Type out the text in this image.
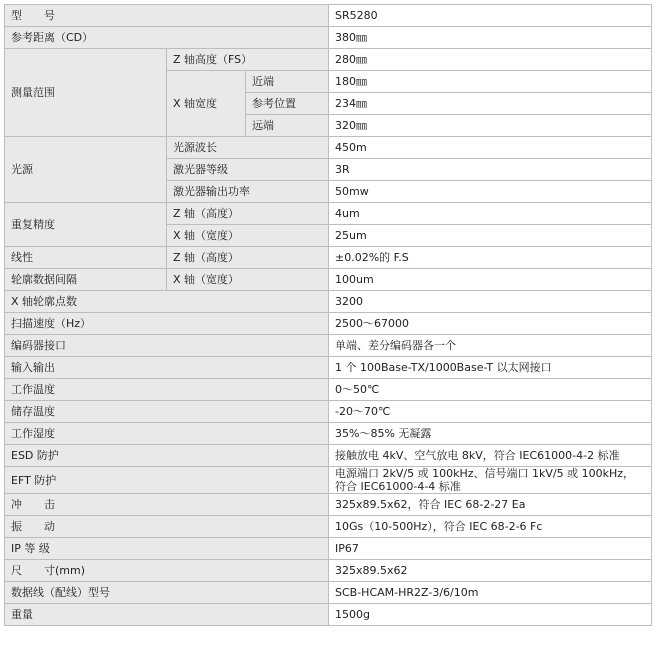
型　　号			SR5280
参考距离（CD）			380㎜
测量范围	Z 轴高度（FS）		280㎜
	X 轴宽度	近端	180㎜
		参考位置	234㎜
		远端	320㎜
光源	光源波长		450m
	激光器等级		3R
	激光器输出功率		50mw
重复精度	Z 轴（高度）		4um
	X 轴（宽度）		25um
线性	Z 轴（高度）		±0.02%的 F.S
轮廓数据间隔	X 轴（宽度）		100um
X 轴轮廓点数			3200
扫描速度（Hz）			2500～67000
编码器接口			单端、差分编码器各一个
输入输出			1 个 100Base-TX/1000Base-T 以太网接口
工作温度			0～50℃
储存温度			-20～70℃
工作湿度			35%～85% 无凝露
ESD 防护			接触放电 4kV、空气放电 8kV，符合 IEC61000-4-2 标准
EFT 防护			电源端口 2kV/5 或 100kHz、信号端口 1kV/5 或 100kHz，
符合 IEC61000-4-4 标准

冲　　击			325x89.5x62，符合 IEC 68-2-27 Ea
振　　动			10Gs（10-500Hz），符合 IEC 68-2-6 Fc
IP 等 级			IP67
尺　　寸(mm)			325x89.5x62
数据线（配线）型号			SCB-HCAM-HR2Z-3/6/10m
重量			1500g
